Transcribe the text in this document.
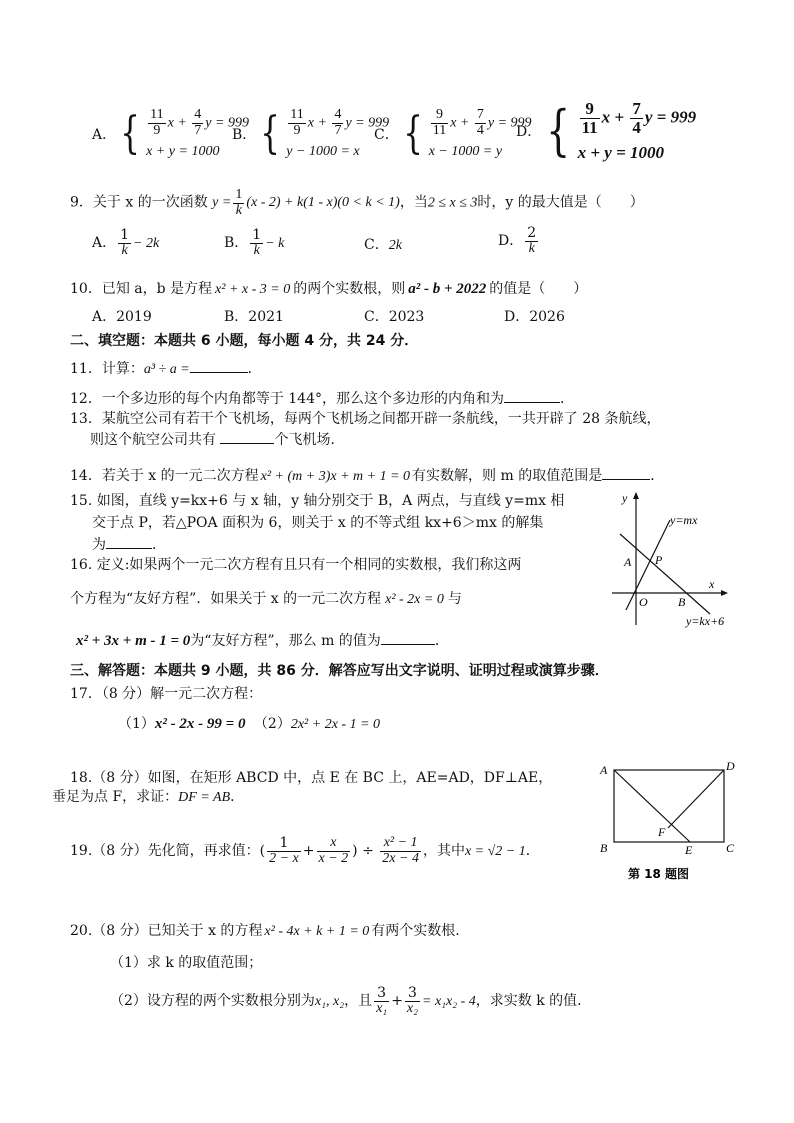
A． { $\frac{11}{9}$ $x + \frac{4}{7}$ y = 999
x + y = 1000
B． { $\frac{11}{9}$ $x + \frac{4}{7}$ y = 999
y − 1000 = x
C． { $\frac{9}{11}$ $x + \frac{7}{4}$ y = 999
x − 1000 = y
D． { $\frac{9}{11}$ $x + \frac{7}{4}$ y = 999
x + y = 1000
9．关于 x 的一次函数 $y = \frac{1}{k} (x - 2) + k(1 - x)(0 < k < 1)$，当2 ≤ x ≤ 3时，y 的最大值是（　　）
A． $\frac{1}{k} - 2k$	B． $\frac{1}{k} - k$	C．2k	D． $\frac{2}{k}$
10．已知 a，b 是方程 x² + x - 3 = 0 的两个实数根，则 a² - b + 2022 的值是（　　）
A．2019	B．2021	C．2023	D．2026
二、填空题：本题共 6 小题，每小题 4 分，共 24 分．
11．计算：a³ ÷ a =	．
12．一个多边形的每个内角都等于 144°，那么这个多边形的内角和为	．
13．某航空公司有若干个飞机场，每两个飞机场之间都开辟一条航线，一共开辟了 28 条航线，
则这个航空公司共有	个飞机场．
14．若关于 x 的一元二次方程 x² + (m + 3)x + m + 1 = 0 有实数解，则 m 的取值范围是	．
15. 如图，直线 y=kx+6 与 x 轴，y 轴分别交于 B，A 两点，与直线 y=mx 相
交于点 P，若△POA 面积为 6，则关于 x 的不等式组 kx+6＞mx 的解集
为	．
16. 定义:如果两个一元二次方程有且只有一个相同的实数根，我们称这两
个方程为“友好方程”．如果关于 x 的一元二次方程 x² - 2x = 0 与
x² + 3x + m - 1 = 0为“友好方程”，那么 m 的值为	．
y
x
y=mx
y=kx+6
A P
O	B
三、解答题：本题共 9 小题，共 86 分．解答应写出文字说明、证明过程或演算步骤．
17．（8 分）解一元二次方程：
（1）x² - 2x - 99 = 0 （2）2x² + 2x - 1 = 0
18.（8 分）如图，在矩形 ABCD 中，点 E 在 BC 上，AE=AD，DF⊥AE，
垂足为点 F，求证：DF = AB．
A	D
B	C
E
F
第 18 题图
19.（8 分）先化简，再求值：( $\frac{1}{2 - x} + \frac{x}{x - 2}$ ) ÷ $\frac{\text{x² − 1}}{2x - 4}$ ，其中x = √2 − 1．
20.（8 分）已知关于 x 的方程 x² - 4x + k + 1 = 0 有两个实数根.
（1）求 k 的取值范围；
（2）设方程的两个实数根分别为x₁, x₂，且 $\frac{3}{\text{x₁}} + \frac{3}{\text{x₂}} = x_1x_2 - 4$，求实数 k 的值.
